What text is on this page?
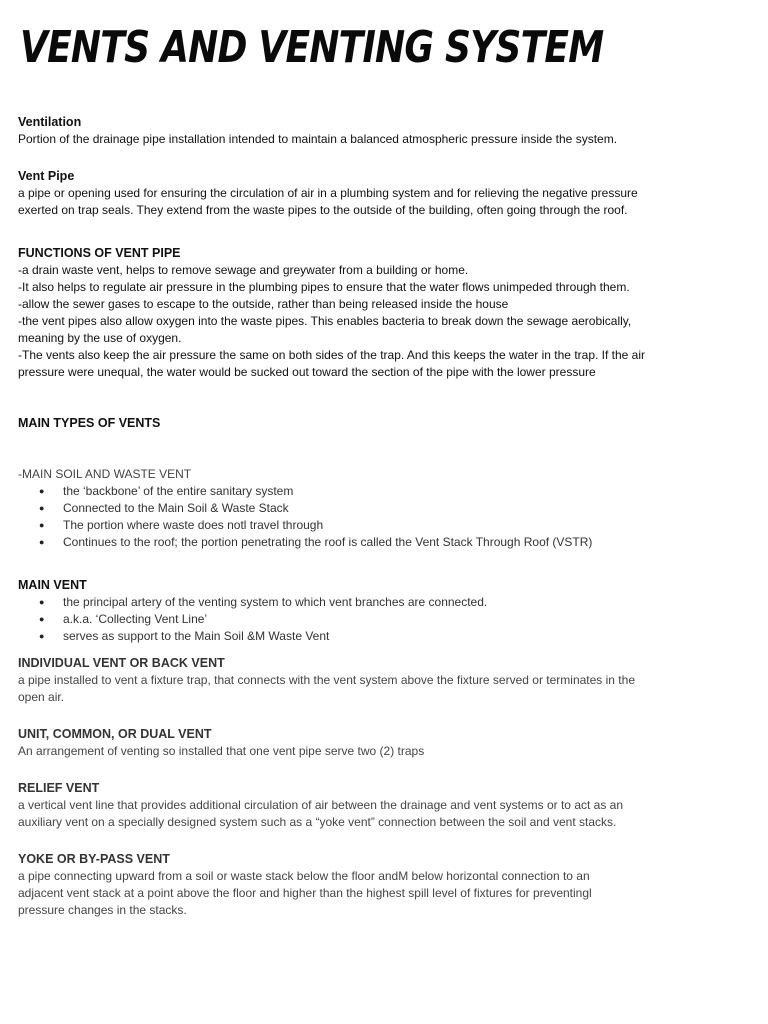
VENTS AND VENTING SYSTEM

Ventilation

Portion of the drainage pipe installation intended to maintain a balanced atmospheric pressure inside the system.

Vent Pipe

a pipe or opening used for ensuring the circulation of air in a plumbing system and for relieving the negative pressure

exerted on trap seals. They extend from the waste pipes to the outside of the building, often going through the roof.

FUNCTIONS OF VENT PIPE

-a drain waste vent, helps to remove sewage and greywater from a building or home.

-It also helps to regulate air pressure in the plumbing pipes to ensure that the water flows unimpeded through them.

-allow the sewer gases to escape to the outside, rather than being released inside the house

-the vent pipes also allow oxygen into the waste pipes. This enables bacteria to break down the sewage aerobically,

meaning by the use of oxygen.

-The vents also keep the air pressure the same on both sides of the trap. And this keeps the water in the trap. If the air

pressure were unequal, the water would be sucked out toward the section of the pipe with the lower pressure

MAIN TYPES OF VENTS

-MAIN SOIL AND WASTE VENT

● the ‘backbone’ of the entire sanitary system
● Connected to the Main Soil & Waste Stack
● The portion where waste does notl travel through
● Continues to the roof; the portion penetrating the roof is called the Vent Stack Through Roof (VSTR)

MAIN VENT

● the principal artery of the venting system to which vent branches are connected.
● a.k.a. ‘Collecting Vent Line’
● serves as support to the Main Soil &M Waste Vent

INDIVIDUAL VENT OR BACK VENT

a pipe installed to vent a fixture trap, that connects with the vent system above the fixture served or terminates in the

open air.

UNIT, COMMON, OR DUAL VENT

An arrangement of venting so installed that one vent pipe serve two (2) traps

RELIEF VENT

a vertical vent line that provides additional circulation of air between the drainage and vent systems or to act as an

auxiliary vent on a specially designed system such as a “yoke vent” connection between the soil and vent stacks.

YOKE OR BY-PASS VENT

a pipe connecting upward from a soil or waste stack below the floor andM below horizontal connection to an

adjacent vent stack at a point above the floor and higher than the highest spill level of fixtures for preventingl

pressure changes in the stacks.
